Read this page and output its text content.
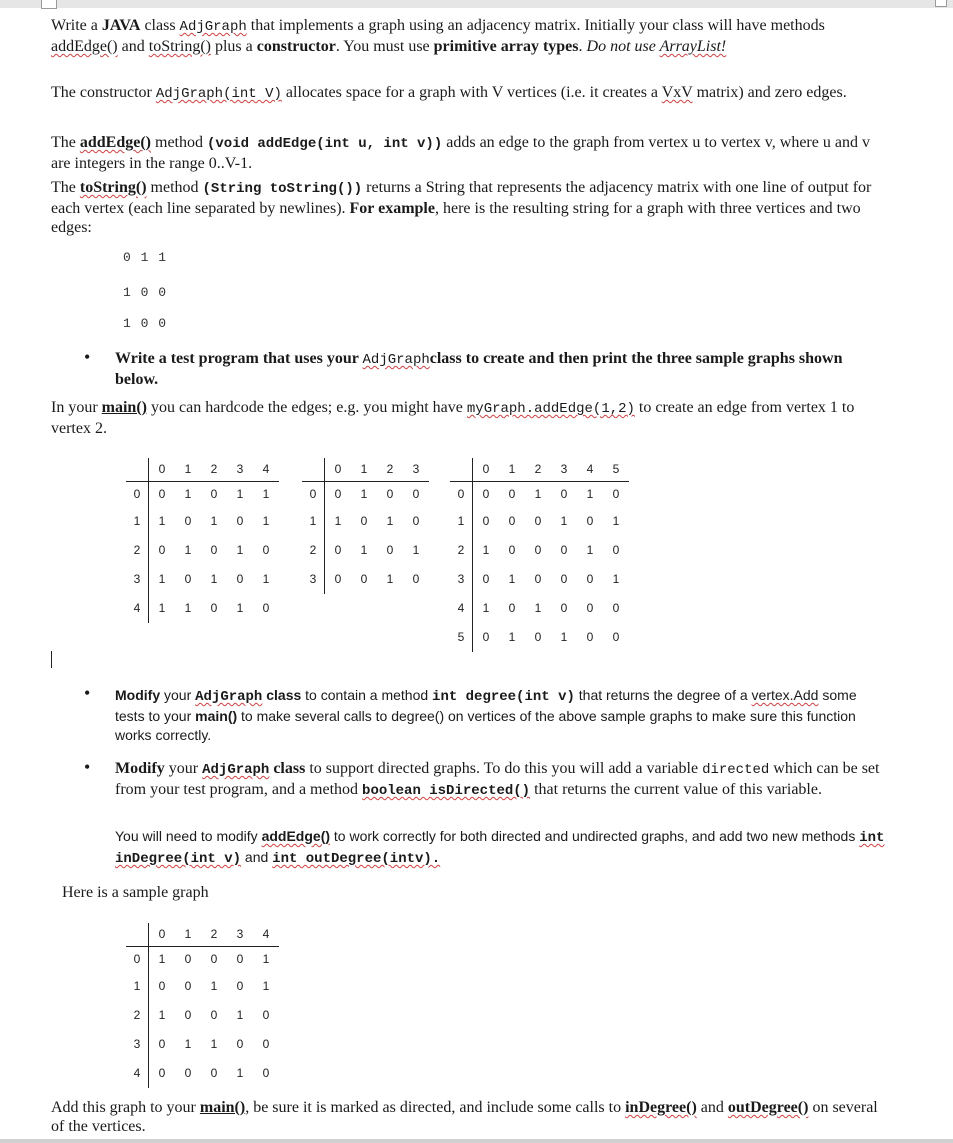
Write a JAVA class AdjGraph that implements a graph using an adjacency matrix. Initially your class will have methods addEdge() and toString() plus a constructor. You must use primitive array types. Do not use ArrayList!

The constructor AdjGraph(int V) allocates space for a graph with V vertices (i.e. it creates a VxV matrix) and zero edges.

The addEdge() method (void addEdge(int u, int v)) adds an edge to the graph from vertex u to vertex v, where u and v are integers in the range 0..V-1.

The toString() method (String toString()) returns a String that represents the adjacency matrix with one line of output for each vertex (each line separated by newlines). For example, here is the resulting string for a graph with three vertices and two edges:

0 1 1
1 0 0
1 0 0
• Write a test program that uses your AdjGraphclass to create and then print the three sample graphs shown below.

In your main() you can hardcode the edges; e.g. you might have myGraph.addEdge(1,2) to create an edge from vertex 1 to vertex 2.

	0	1	2	3	4
0	0	1	0	1	1
1	1	0	1	0	1
2	0	1	0	1	0
3	1	0	1	0	1
4	1	1	0	1	0
	0	1	2	3
0	0	1	0	0
1	1	0	1	0
2	0	1	0	1
3	0	0	1	0
	0	1	2	3	4	5
0	0	0	1	0	1	0
1	0	0	0	1	0	1
2	1	0	0	0	1	0
3	0	1	0	0	0	1
4	1	0	1	0	0	0
5	0	1	0	1	0	0
• Modify your AdjGraph class to contain a method int degree(int v) that returns the degree of a vertex.Add some tests to your main() to make several calls to degree() on vertices of the above sample graphs to make sure this function works correctly.

• Modify your AdjGraph class to support directed graphs. To do this you will add a variable directed which can be set from your test program, and a method boolean isDirected() that returns the current value of this variable.

You will need to modify addEdge() to work correctly for both directed and undirected graphs, and add two new methods int inDegree(int v) and int outDegree(intv).

Here is a sample graph

	0	1	2	3	4
0	1	0	0	0	1
1	0	0	1	0	1
2	1	0	0	1	0
3	0	1	1	0	0
4	0	0	0	1	0

Add this graph to your main(), be sure it is marked as directed, and include some calls to inDegree() and outDegree() on several of the vertices.
